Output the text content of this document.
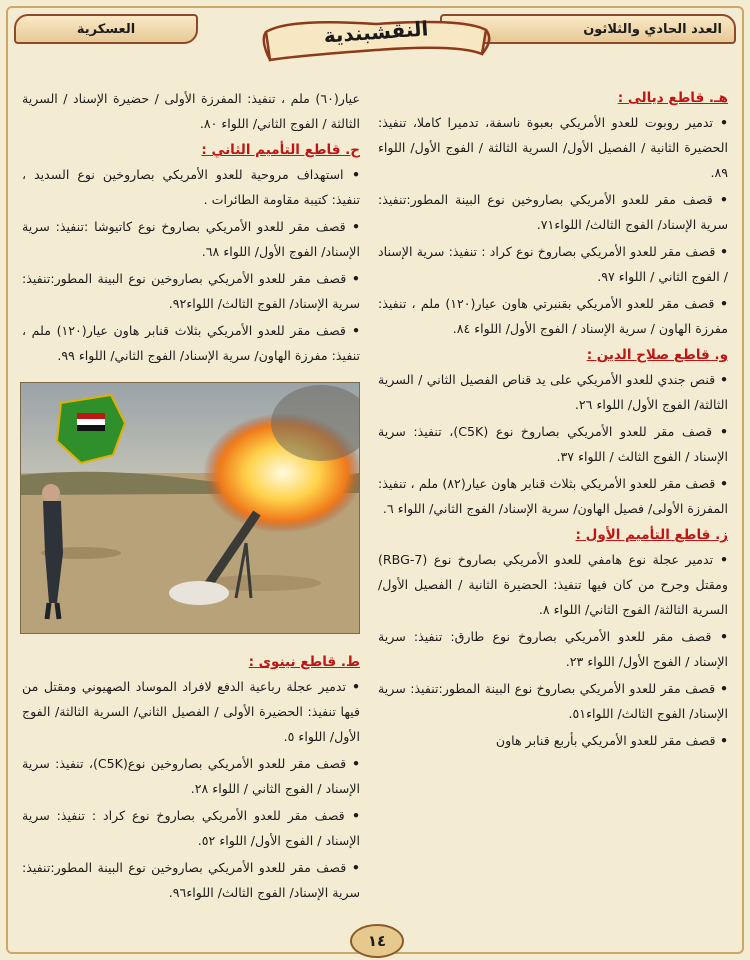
العدد الحادي والثلاثون
العسكرية	النقشبندية
هـ. قاطع ديالى :
• تدمير روبوت للعدو الأمريكي بعبوة ناسفة، تدميرا كاملا، تنفيذ: الحضيرة الثانية / الفصيل الأول/ السرية الثالثة / الفوج الأول/ اللواء ٨٩.
• قصف مقر للعدو الأمريكي بصاروخين نوع البينة المطور:تنفيذ: سرية الإسناد/ الفوج الثالث/ اللواء٧١.
• قصف مقر للعدو الأمريكي بصاروخ نوع كراد : تنفيذ: سرية الإسناد / الفوج الثاني / اللواء ٩٧.
• قصف مقر للعدو الأمريكي بقنبرتي هاون عيار(١٢٠) ملم ، تنفيذ: مفرزة الهاون / سرية الإسناد / الفوج الأول/ اللواء ٨٤.
و. قاطع صلاح الدين :
• قنص جندي للعدو الأمريكي على يد قناص الفصيل الثاني / السرية الثالثة/ الفوج الأول/ اللواء ٢٦.
• قصف مقر للعدو الأمريكي بصاروخ نوع (C5K)، تنفيذ: سرية الإسناد / الفوج الثالث / اللواء ٣٧.
• قصف مقر للعدو الأمريكي بثلاث قنابر هاون عيار(٨٢) ملم ، تنفيذ: المفرزة الأولى/ فصيل الهاون/ سرية الإسناد/ الفوج الثاني/ اللواء ٦.
ز. قاطع التأميم الأول :
• تدمير عجلة نوع هامفي للعدو الأمريكي بصاروخ نوع (RBG-7) ومقتل وجرح من كان فيها تنفيذ: الحضيرة الثانية / الفصيل الأول/ السرية الثالثة/ الفوج الثاني/ اللواء ٨.
• قصف مقر للعدو الأمريكي بصاروخ نوع طارق: تنفيذ: سرية الإسناد / الفوج الأول/ اللواء ٢٣.
• قصف مقر للعدو الأمريكي بصاروخ نوع البينة المطور:تنفيذ: سرية الإسناد/ الفوج الثالث/ اللواء٥١.
• قصف مقر للعدو الأمريكي بأربع قنابر هاون
عيار(٦٠) ملم ، تنفيذ: المفرزة الأولى / حضيرة الإسناد / السرية الثالثة / الفوج الثاني/ اللواء ٨٠.
ح. قاطع التأميم الثاني :
• استهداف مروحية للعدو الأمريكي بصاروخين نوع السديد ، تنفيذ: كتيبة مقاومة الطائرات .
• قصف مقر للعدو الأمريكي بصاروخ نوع كاتيوشا :تنفيذ: سرية الإسناد/ الفوج الأول/ اللواء ٦٨.
• قصف مقر للعدو الأمريكي بصاروخين نوع البينة المطور:تنفيذ: سرية الإسناد/ الفوج الثالث/ اللواء٩٢.
• قصف مقر للعدو الأمريكي بثلاث قنابر هاون عيار(١٢٠) ملم ، تنفيذ: مفرزة الهاون/ سرية الإسناد/ الفوج الثاني/ اللواء ٩٩.
ط. قاطع نينوى :
• تدمير عجلة رباعية الدفع لافراد الموساد الصهيوني ومقتل من فيها تنفيذ: الحضيرة الأولى / الفصيل الثاني/ السرية الثالثة/ الفوج الأول/ اللواء ٥.
• قصف مقر للعدو الأمريكي بصاروخين نوع(C5K)، تنفيذ: سرية الإسناد / الفوج الثاني / اللواء ٢٨.
• قصف مقر للعدو الأمريكي بصاروخ نوع كراد : تنفيذ: سرية الإسناد / الفوج الأول/ اللواء ٥٢.
• قصف مقر للعدو الأمريكي بصاروخين نوع البينة المطور:تنفيذ: سرية الإسناد/ الفوج الثالث/ اللواء٩٦.
١٤
